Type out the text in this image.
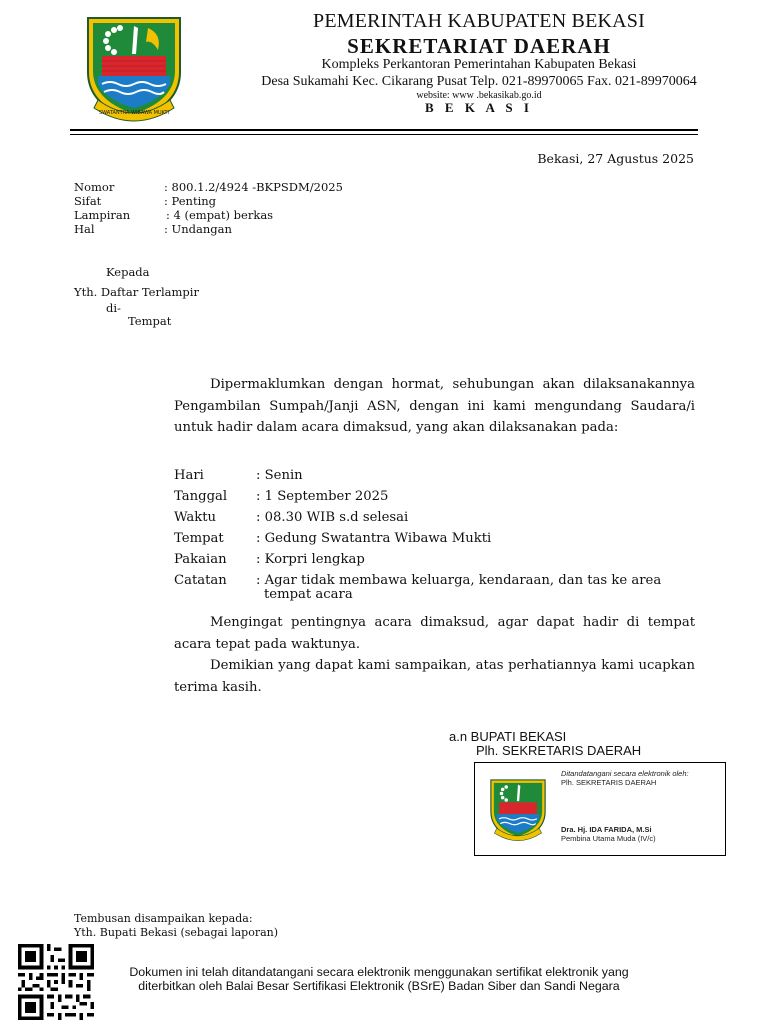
SWATANTRA WIBAWA MUKTI
PEMERINTAH KABUPATEN BEKASI
SEKRETARIAT DAERAH
Kompleks Perkantoran Pemerintahan Kabupaten Bekasi
Desa Sukamahi Kec. Cikarang Pusat Telp. 021-89970065 Fax. 021-89970064
website: www .bekasikab.go.id
B E K A S I
Bekasi, 27 Agustus 2025
Nomor	: 800.1.2/4924 -BKPSDM/2025
Sifat	: Penting
Lampiran	: 4 (empat) berkas
Hal	: Undangan
Kepada
Yth. Daftar Terlampir
di-
Tempat
Dipermaklumkan dengan hormat, sehubungan akan dilaksanakannya Pengambilan Sumpah/Janji ASN, dengan ini kami mengundang Saudara/i untuk hadir dalam acara dimaksud, yang akan dilaksanakan pada:
Hari	: Senin
Tanggal : 1 September 2025
Waktu	: 08.30 WIB s.d selesai
Tempat : Gedung Swatantra Wibawa Mukti
Pakaian : Korpri lengkap
Catatan : Agar tidak membawa keluarga, kendaraan, dan tas ke area
tempat acara
Mengingat pentingnya acara dimaksud, agar dapat hadir di tempat acara tepat pada waktunya.
Demikian yang dapat kami sampaikan, atas perhatiannya kami ucapkan terima kasih.
a.n BUPATI BEKASI
Plh. SEKRETARIS DAERAH
Ditandatangani secara elektronik oleh:
Plh. SEKRETARIS DAERAH
Dra. Hj. IDA FARIDA, M.Si
Pembina Utama Muda (IV/c)
Tembusan disampaikan kepada:
Yth. Bupati Bekasi (sebagai laporan)
Dokumen ini telah ditandatangani secara elektronik menggunakan sertifikat elektronik yang
diterbitkan oleh Balai Besar Sertifikasi Elektronik (BSrE) Badan Siber dan Sandi Negara
